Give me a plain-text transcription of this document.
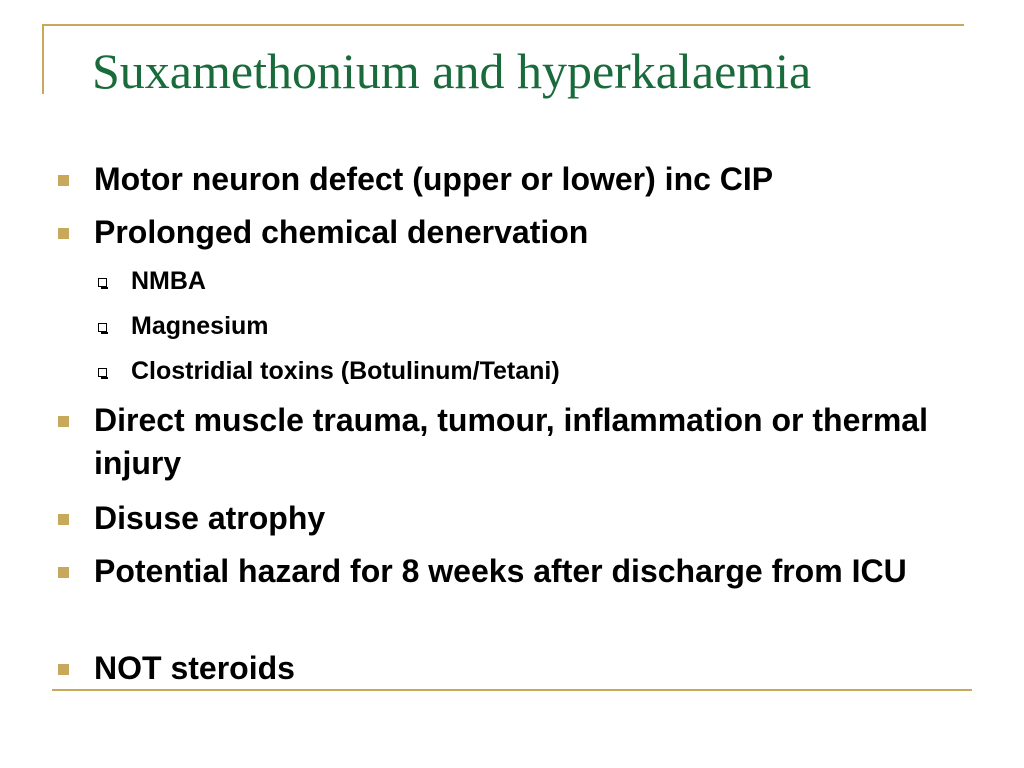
Suxamethonium and hyperkalaemia
Motor neuron defect (upper or lower) inc CIP
Prolonged chemical denervation
NMBA
Magnesium
Clostridial toxins (Botulinum/Tetani)
Direct muscle trauma, tumour, inflammation or thermal injury
Disuse atrophy
Potential hazard for 8 weeks after discharge from ICU
NOT steroids
